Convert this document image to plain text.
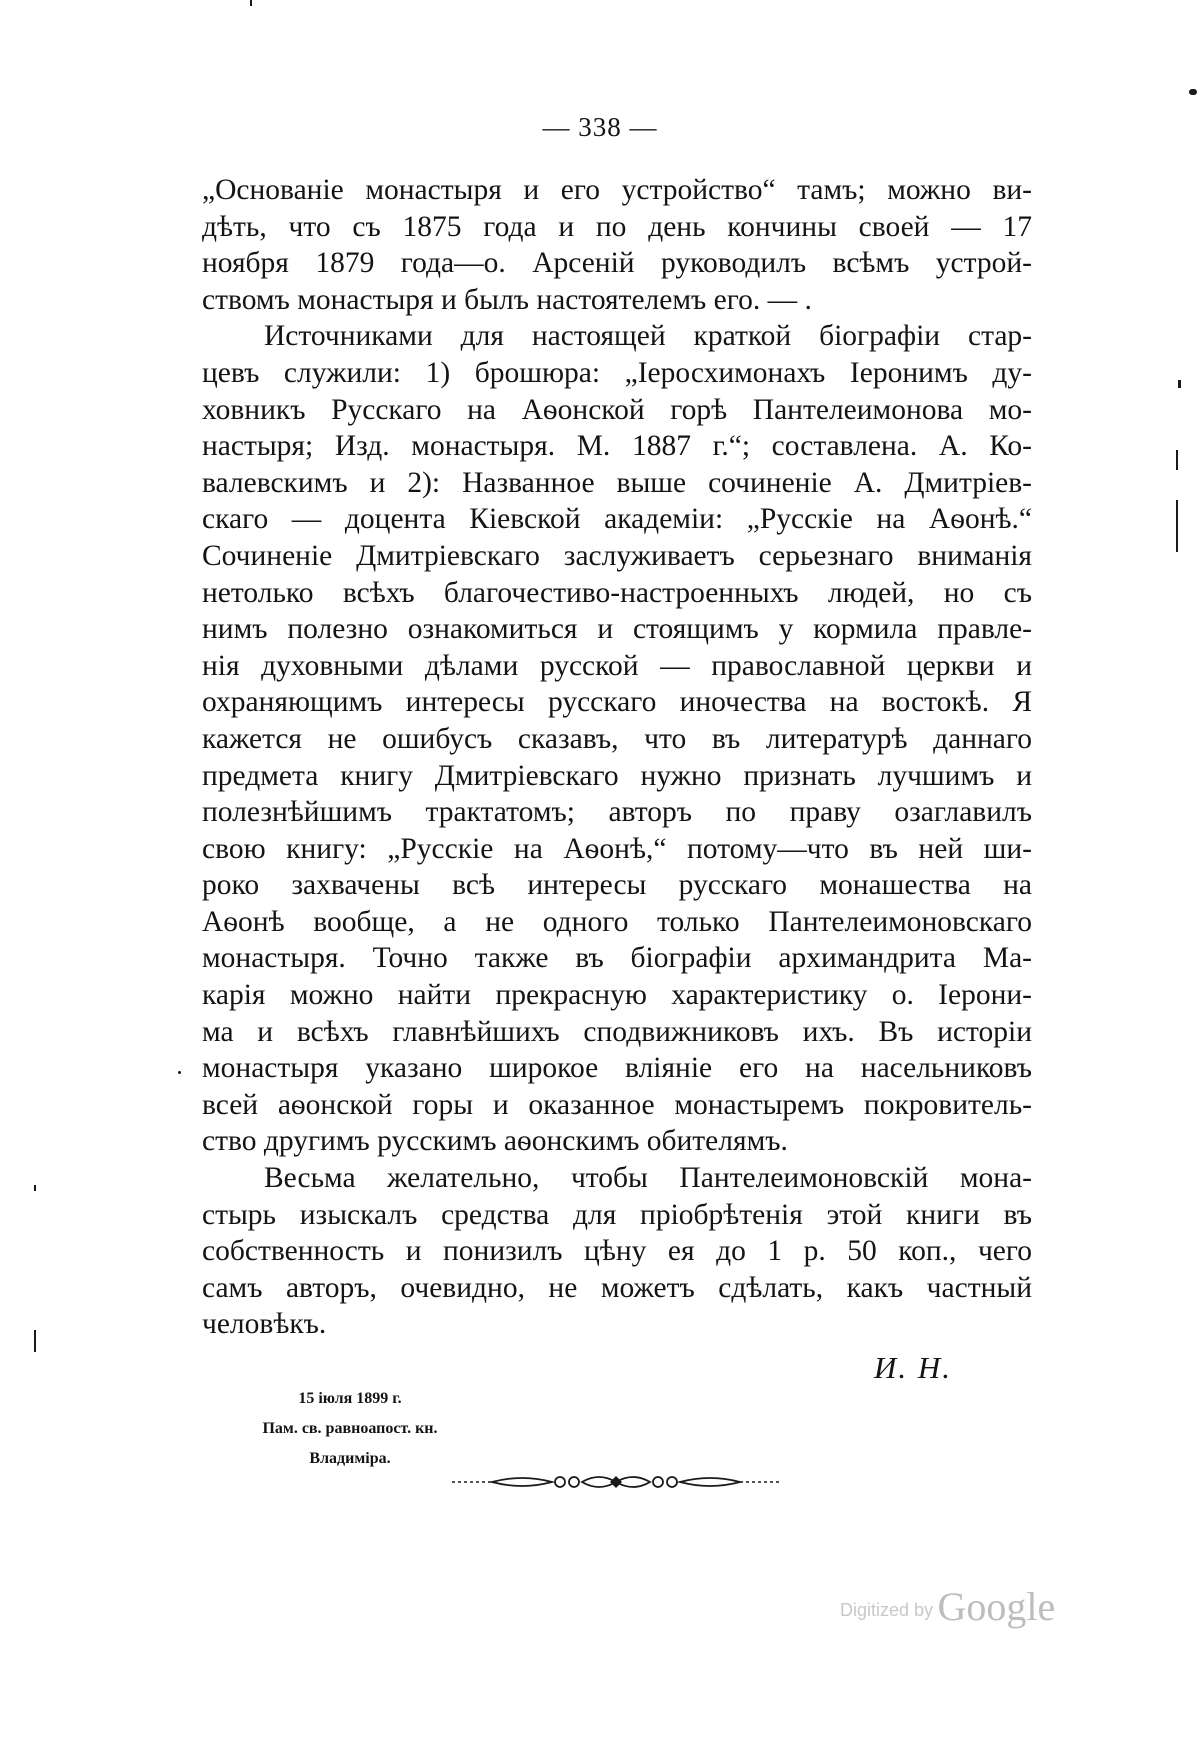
— 338 —
„Основаніе монастыря и его устройство“ тамъ; можно ви-
дѣть, что съ 1875 года и по день кончины своей — 17
ноября 1879 года—о. Арсеній руководилъ всѣмъ устрой-
ствомъ монастыря и былъ настоятелемъ его. — .
Источниками для настоящей краткой біографіи стар-
цевъ служили: 1) брошюра: „Іеросхимонахъ Іеронимъ ду-
ховникъ Русскаго на Аѳонской горѣ Пантелеимонова мо-
настыря; Изд. монастыря. М. 1887 г.“; составлена. А. Ко-
валевскимъ и 2): Названное выше сочиненіе А. Дмитріев-
скаго — доцента Кіевской академіи: „Русскіе на Аѳонѣ.“
Сочиненіе Дмитріевскаго заслуживаетъ серьезнаго вниманія
нетолько всѣхъ благочестиво-настроенныхъ людей, но съ
нимъ полезно ознакомиться и стоящимъ у кормила правле-
нія духовными дѣлами русской — православной церкви и
охраняющимъ интересы русскаго иночества на востокѣ. Я
кажется не ошибусъ сказавъ, что въ литературѣ даннаго
предмета книгу Дмитріевскаго нужно признать лучшимъ и
полезнѣйшимъ трактатомъ; авторъ по праву озаглавилъ
свою книгу: „Русскіе на Аѳонѣ,“ потому—что въ ней ши-
роко захвачены всѣ интересы русскаго монашества на
Аѳонѣ вообще, а не одного только Пантелеимоновскаго
монастыря. Точно также въ біографіи архимандрита Ма-
карія можно найти прекрасную характеристику о. Іерони-
ма и всѣхъ главнѣйшихъ сподвижниковъ ихъ. Въ исторіи
монастыря указано широкое вліяніе его на насельниковъ
всей аѳонской горы и оказанное монастыремъ покровитель-
ство другимъ русскимъ аѳонскимъ обителямъ.
Весьма желательно, чтобы Пантелеимоновскій мона-
стырь изыскалъ средства для пріобрѣтенія этой книги въ
собственность и понизилъ цѣну ея до 1 р. 50 коп., чего
самъ авторъ, очевидно, не можетъ сдѣлать, какъ частный
человѣкъ.
И. Н.
15 іюля 1899 г.
Пам. св. равноапост. кн.
Владиміра.
Digitized by Google
